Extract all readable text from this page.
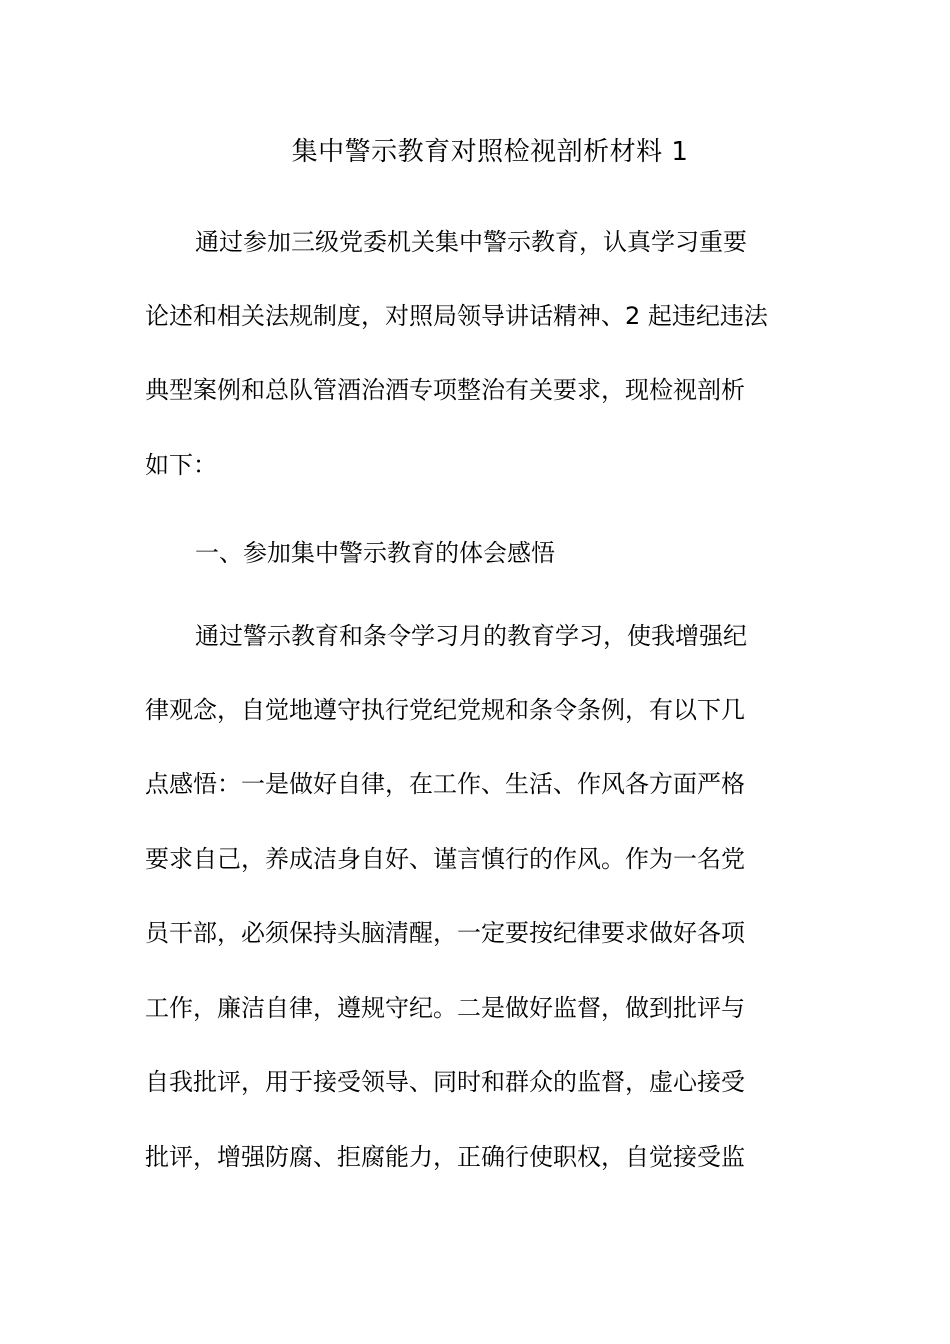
集中警示教育对照检视剖析材料 1
通过参加三级党委机关集中警示教育，认真学习重要
论述和相关法规制度，对照局领导讲话精神、2 起违纪违法
典型案例和总队管酒治酒专项整治有关要求，现检视剖析
如下：
一、参加集中警示教育的体会感悟
通过警示教育和条令学习月的教育学习，使我增强纪
律观念，自觉地遵守执行党纪党规和条令条例，有以下几
点感悟：一是做好自律，在工作、生活、作风各方面严格
要求自己，养成洁身自好、谨言慎行的作风。作为一名党
员干部，必须保持头脑清醒，一定要按纪律要求做好各项
工作，廉洁自律，遵规守纪。二是做好监督，做到批评与
自我批评，用于接受领导、同时和群众的监督，虚心接受
批评，增强防腐、拒腐能力，正确行使职权，自觉接受监
